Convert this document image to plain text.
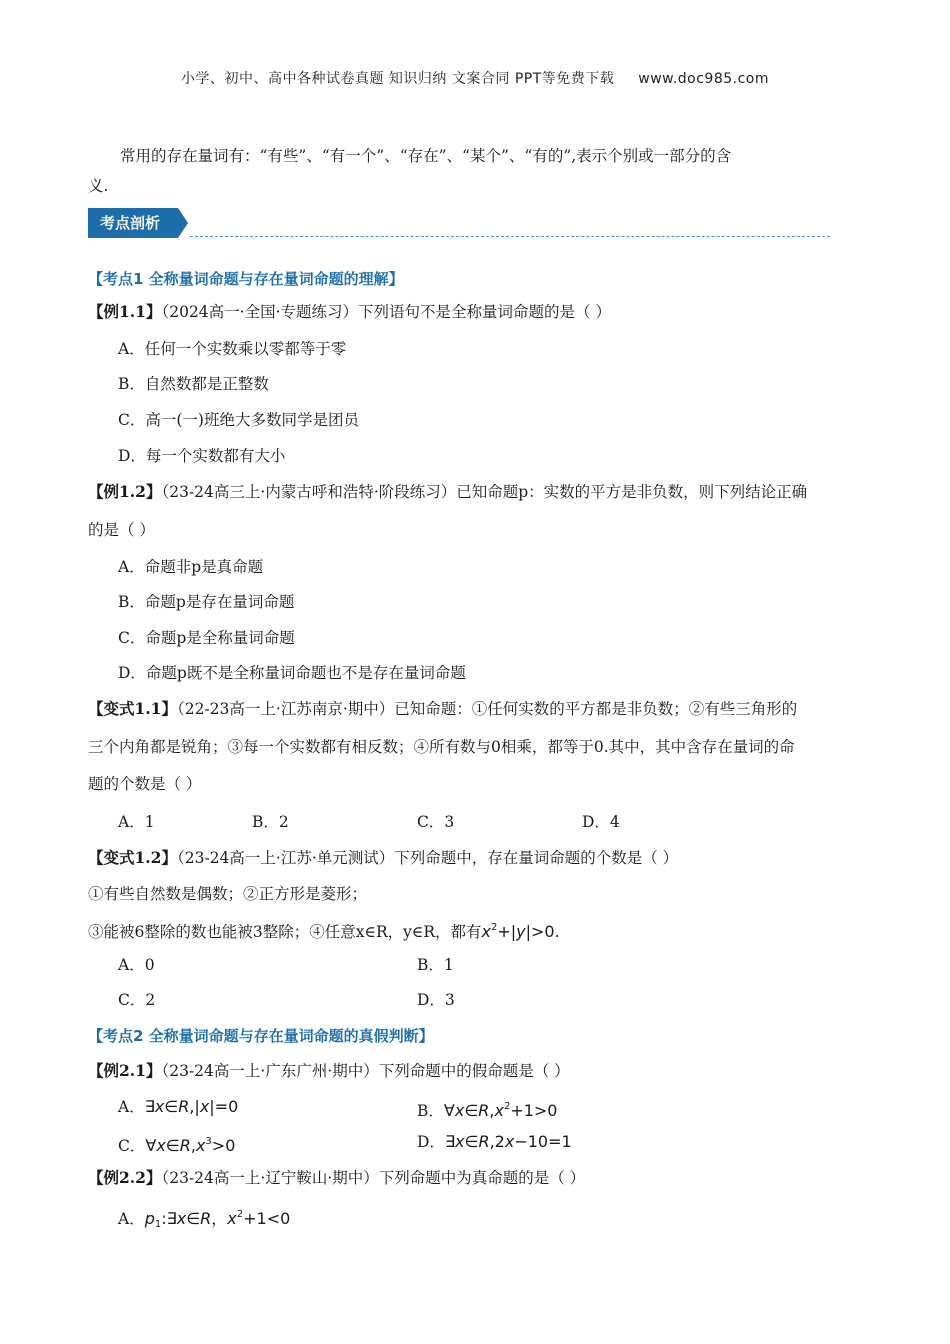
小学、初中、高中各种试卷真题 知识归纳 文案合同 PPT等免费下载 www.doc985.com
常用的存在量词有：“有些”、“有一个”、“存在”、“某个”、“有的”,表示个别或一部分的含
义.
考点剖析
【考点1 全称量词命题与存在量词命题的理解】
【例1.1】（2024高一·全国·专题练习）下列语句不是全称量词命题的是（ ）
A．任何一个实数乘以零都等于零
B．自然数都是正整数
C．高一(一)班绝大多数同学是团员
D．每一个实数都有大小
【例1.2】（23-24高三上·内蒙古呼和浩特·阶段练习）已知命题p：实数的平方是非负数，则下列结论正确
的是（ ）
A．命题非p是真命题
B．命题p是存在量词命题
C．命题p是全称量词命题
D．命题p既不是全称量词命题也不是存在量词命题
【变式1.1】（22-23高一上·江苏南京·期中）已知命题：①任何实数的平方都是非负数；②有些三角形的
三个内角都是锐角；③每一个实数都有相反数；④所有数与0相乘，都等于0.其中，其中含存在量词的命
题的个数是（ ）
A．1	B．2	C．3	D．4
【变式1.2】（23-24高一上·江苏·单元测试）下列命题中，存在量词命题的个数是（ ）
①有些自然数是偶数；②正方形是菱形；
③能被6整除的数也能被3整除；④任意x∈R，y∈R，都有$x^2+|y|>0$.
A．0	B．1
C．2	D．3
【考点2 全称量词命题与存在量词命题的真假判断】
【例2.1】（23-24高一上·广东广州·期中）下列命题中的假命题是（ ）
A．∃x∈R,|x|=0	B．$\forall x\in R,x^2+1>0$
C．$\forall x\in R,x^3>0$	D．∃x∈R,2x−10=1
【例2.2】（23-24高一上·辽宁鞍山·期中）下列命题中为真命题的是（ ）
A．$p_1:\exists x\in R$，$x^2+1<0$
